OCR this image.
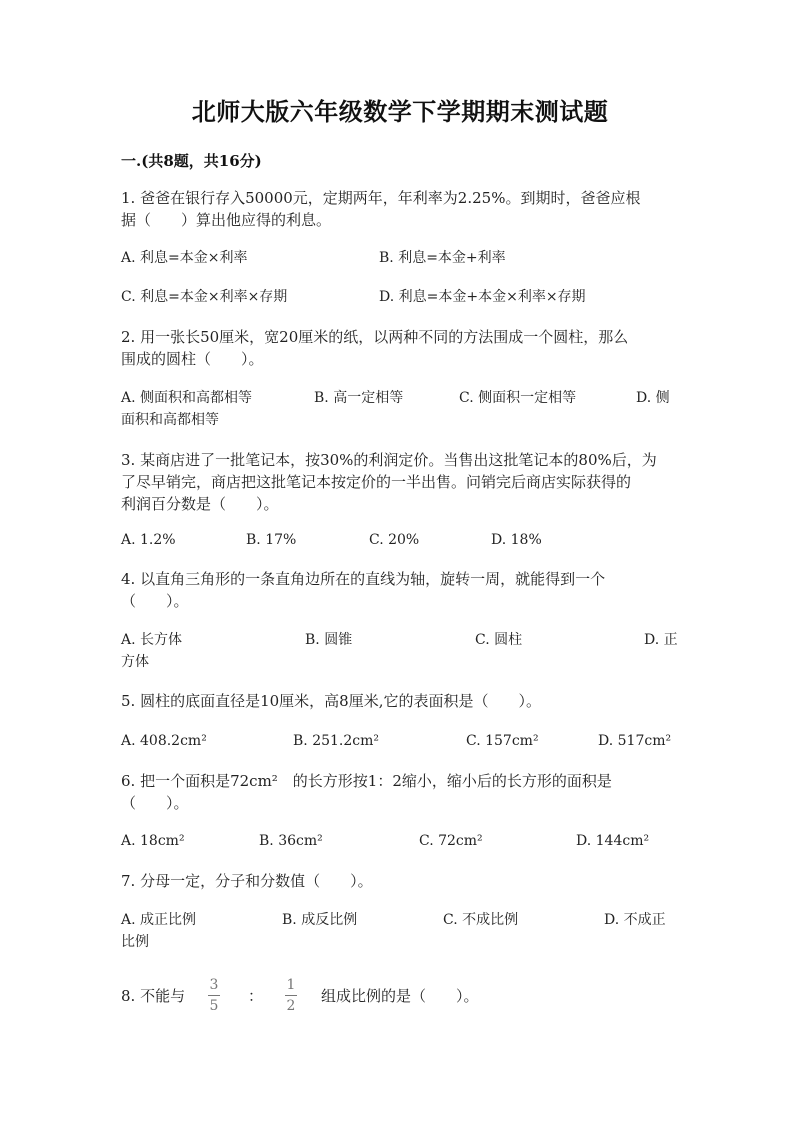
北师大版六年级数学下学期期末测试题
一.(共8题，共16分)
1. 爸爸在银行存入50000元，定期两年，年利率为2.25%。到期时，爸爸应根
据（　　）算出他应得的利息。
A. 利息=本金×利率	B. 利息=本金+利率
C. 利息=本金×利率×存期	D. 利息=本金+本金×利率×存期
2. 用一张长50厘米，宽20厘米的纸，以两种不同的方法围成一个圆柱，那么
围成的圆柱（　　）。
A. 侧面积和高都相等	B. 高一定相等	C. 侧面积一定相等	D. 侧
面积和高都相等
3. 某商店进了一批笔记本，按30%的利润定价。当售出这批笔记本的80%后，为
了尽早销完，商店把这批笔记本按定价的一半出售。问销完后商店实际获得的
利润百分数是（　　）。
A. 1.2%	B. 17%	C. 20%	D. 18%
4. 以直角三角形的一条直角边所在的直线为轴，旋转一周，就能得到一个
（　　）。
A. 长方体	B. 圆锥	C. 圆柱	D. 正
方体
5. 圆柱的底面直径是10厘米，高8厘米,它的表面积是（　　）。
A. 408.2cm²	B. 251.2cm²	C. 157cm²	D. 517cm²
6. 把一个面积是72cm²　的长方形按1：2缩小，缩小后的长方形的面积是
（　　）。
A. 18cm²	B. 36cm²	C. 72cm²	D. 144cm²
7. 分母一定，分子和分数值（　　）。
A. 成正比例	B. 成反比例	C. 不成比例	D. 不成正
比例
8. 不能与
3
5
：
1
2
组成比例的是（　　）。
